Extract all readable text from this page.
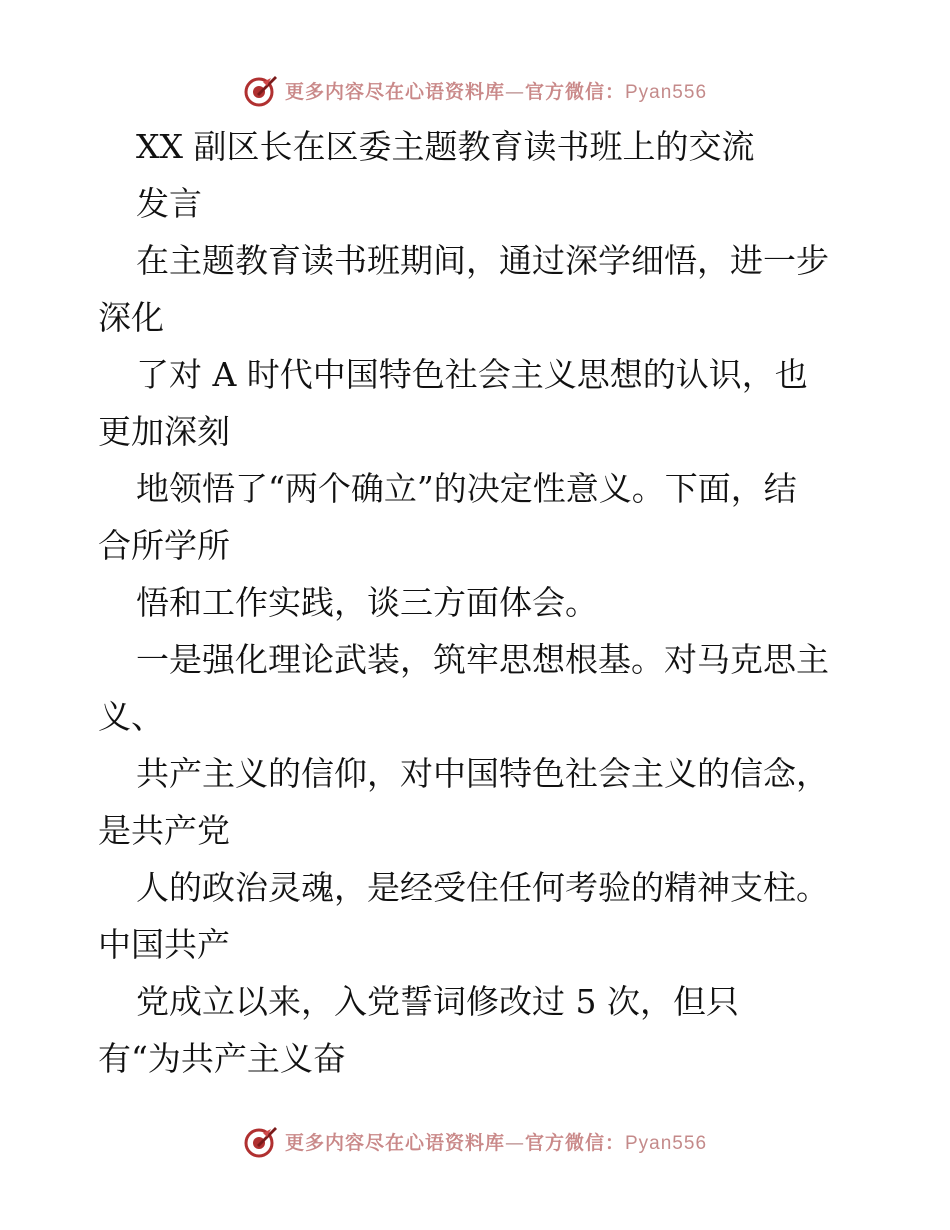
更多内容尽在心语资料库—官方微信：Pyan556
XX 副区长在区委主题教育读书班上的交流
发言
在主题教育读书班期间，通过深学细悟，进一步
深化
了对 A 时代中国特色社会主义思想的认识，也
更加深刻
地领悟了“两个确立”的决定性意义。下面，结
合所学所
悟和工作实践，谈三方面体会。
一是强化理论武装，筑牢思想根基。对马克思主
义、
共产主义的信仰，对中国特色社会主义的信念，
是共产党
人的政治灵魂，是经受住任何考验的精神支柱。
中国共产
党成立以来，入党誓词修改过 5 次，但只
有“为共产主义奋
更多内容尽在心语资料库—官方微信：Pyan556
